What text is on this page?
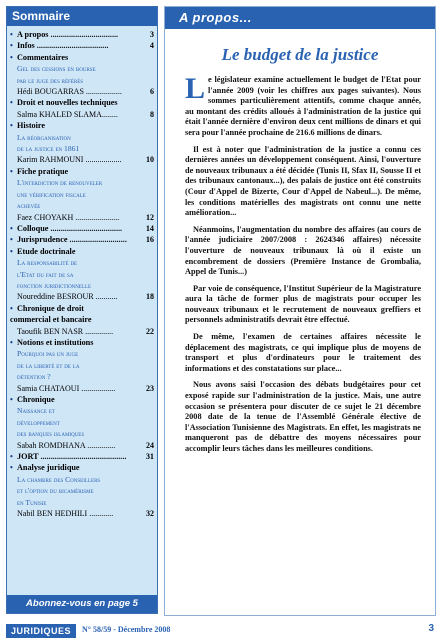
Sommaire
• 3
A propos .................................
• 4
Infos ...................................
• Commentaires
Gel des cessions en bourse
par le juge des référés
6
Hédi BOUGARRAS ..................
• Droit et nouvelles techniques
8
Salma KHALED SLAMA........
• Histoire
La réorganisation
de la justice en 1861
10
Karim RAHMOUNI ..................
• Fiche pratique
L'interdiction de renouveler
une vérification fiscale
achevée
12
Faez CHOYAKH ......................
• 14
Colloque ...................................
• 16
Jurisprudence ............................
• Etude doctrinale
La responsabilité de
l'Etat du fait de sa
fonction juridictionnelle
18
Noureddine BESROUR ...........
• Chronique de droit
commercial et bancaire
22
Taoufik BEN NASR ..............
• Notions et institutions
Pourquoi pas un juge
de la liberté et de la
détention ?
23
Samia CHATAOUI .................
• Chronique
Naissance et
développement
des banques islamiques
24
Sabah ROMDHANA ..............
• 31
JORT ..........................................
• Analyse juridique
La chambre des Conseillers
et l'option du bicamérisme
en Tunisie
32
Nabil BEN HEDHILI ............
Abonnez-vous en page 5
A propos...
Le budget de la justice

Le législateur examine actuellement le budget de l'Etat pour l'année 2009 (voir les chiffres aux pages suivantes). Nous sommes particulièrement attentifs, comme chaque année, au montant des crédits alloués à l'administration de la justice qui était l'année dernière d'environ deux cent millions de dinars et qui sera pour l'année prochaine de 216.6 millions de dinars.

Il est à noter que l'administration de la justice a connu ces dernières années un développement conséquent. Ainsi, l'ouverture de nouveaux tribunaux a été décidée (Tunis II, Sfax II, Sousse II et des tribunaux cantonaux...), des palais de justice ont été construits (Cour d'Appel de Bizerte, Cour d'Appel de Nabeul...). De même, les conditions matérielles des magistrats ont connu une nette amélioration...

Néanmoins, l'augmentation du nombre des affaires (au cours de l'année judiciaire 2007/2008 : 2624346 affaires) nécessite l'ouverture de nouveaux tribunaux là où il existe un encombrement de dossiers (Première Instance de Grombalia, Appel de Tunis...)

Par voie de conséquence, l'Institut Supérieur de la Magistrature aura la tâche de former plus de magistrats pour occuper les nouveaux tribunaux et le recrutement de nouveaux greffiers et personnels administratifs devrait être effectué.

De même, l'examen de certaines affaires nécessite le déplacement des magistrats, ce qui implique plus de moyens de transport et plus d'ordinateurs pour le traitement des informations et des constatations sur place...

Nous avons saisi l'occasion des débats budgétaires pour cet exposé rapide sur l'administration de la justice. Mais, une autre occasion se présentera pour discuter de ce sujet le 21 décembre 2008 date de la tenue de l'Assemblé Générale élective de l'Association Tunisienne des Magistrats. En effet, les magistrats ne manqueront pas de débattre des moyens nécessaires pour accomplir leurs tâches dans les meilleures conditions.

JURIDIQUES	N° 58/59 - Décembre 2008	3
